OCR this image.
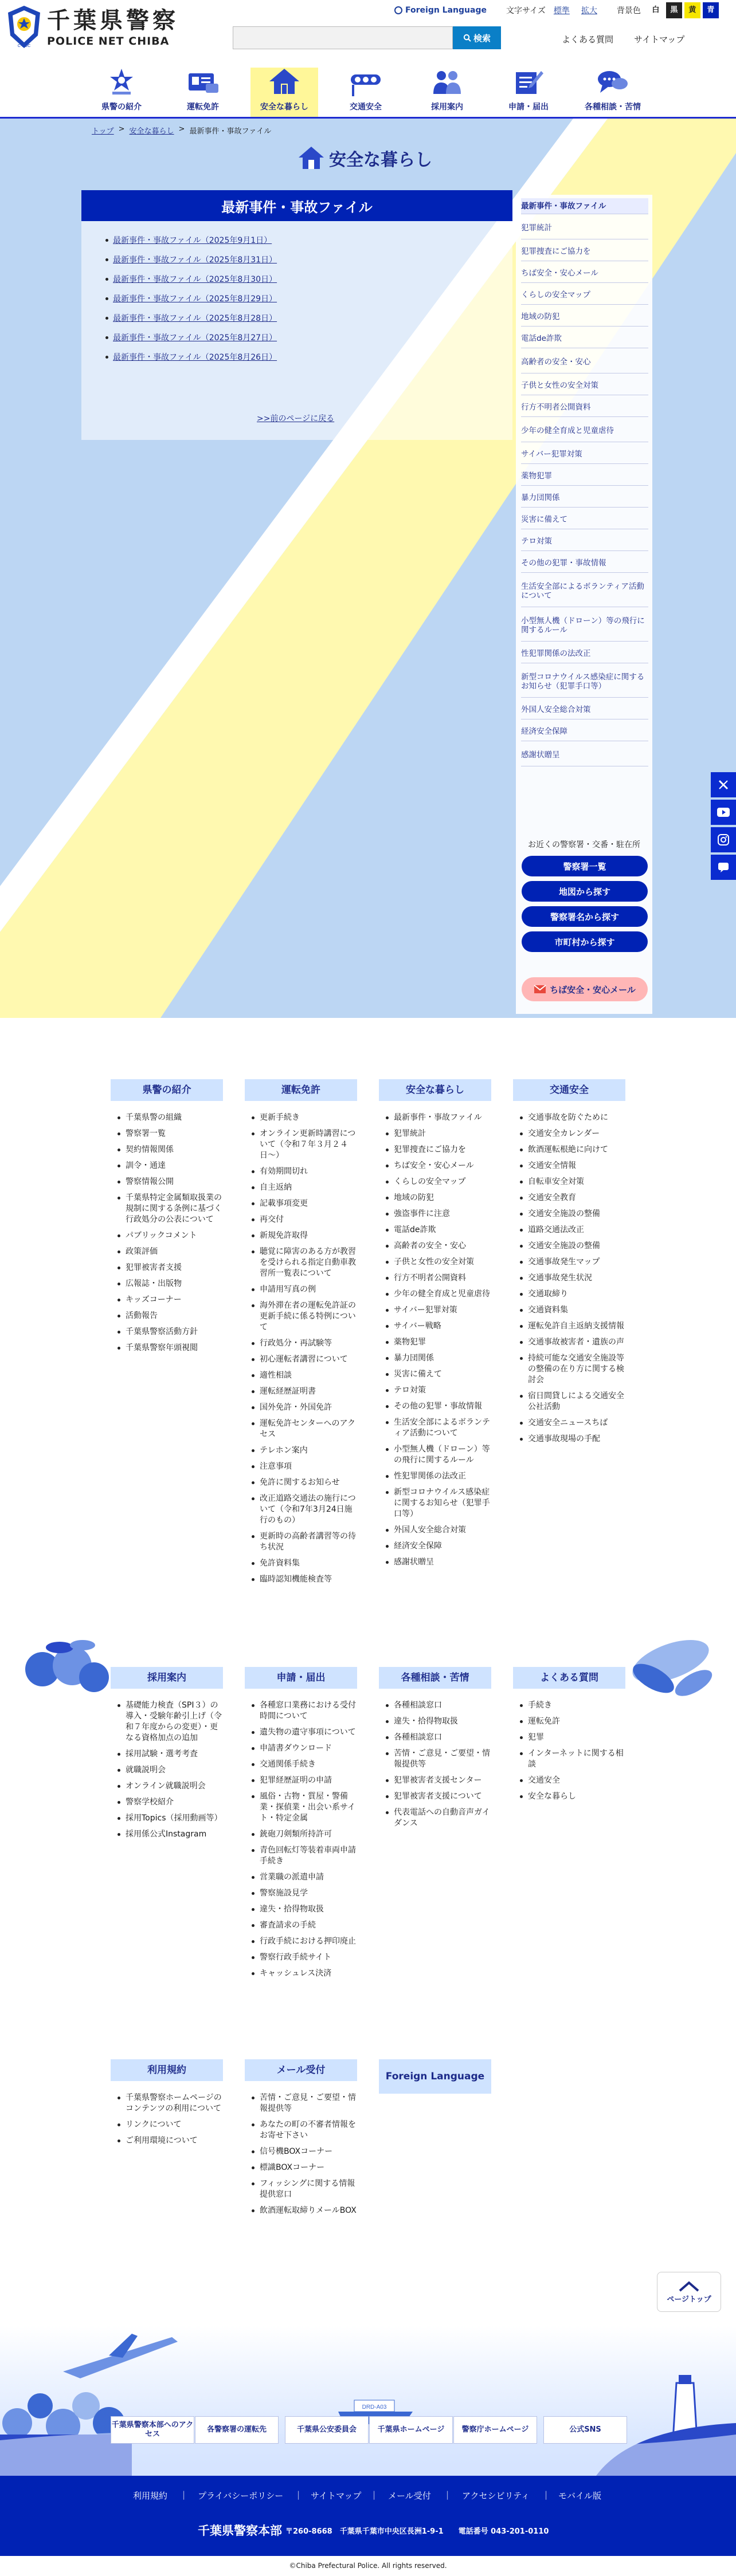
C-POC
千葉県警察
POLICE NET CHIBA
Foreign Language 文字サイズ 標準 拡大 背景色	白	黒	黄	青
検索	よくある質問 サイトマップ
県警の紹介	運転免許	安全な暮らし	交通安全	採用案内	申請・届出	各種相談・苦情
トップ > 安全な暮らし > 最新事件・事故ファイル
安全な暮らし
最新事件・事故ファイル
最新事件・事故ファイル（2025年9月1日）
最新事件・事故ファイル（2025年8月31日）
最新事件・事故ファイル（2025年8月30日）
最新事件・事故ファイル（2025年8月29日）
最新事件・事故ファイル（2025年8月28日）
最新事件・事故ファイル（2025年8月27日）
最新事件・事故ファイル（2025年8月26日）
>>前のページに戻る
最新事件・事故ファイル
犯罪統計
犯罪捜査にご協力を
ちば安全・安心メール
くらしの安全マップ
地域の防犯
電話de詐欺
高齢者の安全・安心
子供と女性の安全対策
行方不明者公開資料
少年の健全育成と児童虐待
サイバー犯罪対策
薬物犯罪
暴力団関係
災害に備えて
テロ対策
その他の犯罪・事故情報
生活安全部によるボランティア活動について
小型無人機（ドローン）等の飛行に関するルール
性犯罪関係の法改正
新型コロナウイルス感染症に関するお知らせ（犯罪手口等）
外国人安全総合対策
経済安全保障
感謝状贈呈
お近くの警察署・交番・駐在所
警察署一覧
地図から探す
警察署名から探す
市町村から探す
ちば安全・安心メール
県警の紹介
千葉県警の組織
警察署一覧
契約情報関係
訓令・通達
警察情報公開
千葉県特定金属類取扱業の規制に関する条例に基づく行政処分の公表について
パブリックコメント
政策評価
犯罪被害者支援
広報誌・出版物
キッズコーナー
活動報告
千葉県警察活動方針
千葉県警察年頭視閲
運転免許
更新手続き
オンライン更新時講習について（令和７年３月２４日〜）
有効期間切れ
自主返納
記載事項変更
再交付
新規免許取得
聴覚に障害のある方が教習を受けられる指定自動車教習所一覧表について
申請用写真の例
海外滞在者の運転免許証の更新手続に係る特例について
行政処分・再試験等
初心運転者講習について
適性相談
運転経歴証明書
国外免許・外国免許
運転免許センターへのアクセス
テレホン案内
注意事項
免許に関するお知らせ
改正道路交通法の施行について（令和7年3月24日施行のもの）
更新時の高齢者講習等の待ち状況
免許資料集
臨時認知機能検査等
安全な暮らし
最新事件・事故ファイル
犯罪統計
犯罪捜査にご協力を
ちば安全・安心メール
くらしの安全マップ
地域の防犯
強盗事件に注意
電話de詐欺
高齢者の安全・安心
子供と女性の安全対策
行方不明者公開資料
少年の健全育成と児童虐待
サイバー犯罪対策
サイバー戦略
薬物犯罪
暴力団関係
災害に備えて
テロ対策
その他の犯罪・事故情報
生活安全部によるボランティア活動について
小型無人機（ドローン）等の飛行に関するルール
性犯罪関係の法改正
新型コロナウイルス感染症に関するお知らせ（犯罪手口等）
外国人安全総合対策
経済安全保障
感謝状贈呈
交通安全
交通事故を防ぐために
交通安全カレンダー
飲酒運転根絶に向けて
交通安全情報
自転車安全対策
交通安全教育
交通安全施設の整備
道路交通法改正
交通安全施設の整備
交通事故発生マップ
交通事故発生状況
交通取締り
交通資料集
運転免許自主返納支援情報
交通事故被害者・遺族の声
持続可能な交通安全施設等の整備の在り方に関する検討会
宿日間貸しによる交通安全公社活動
交通安全ニュースちば
交通事故現場の手配
採用案内
基礎能力検査（SPI３）の導入・受験年齢引上げ（令和７年度からの変更）・更なる資格加点の追加
採用試験・選考考査
就職説明会
オンライン就職説明会
警察学校紹介
採用Topics（採用動画等）
採用係公式Instagram
申請・届出
各種窓口業務における受付時間について
遺失物の遺守事項について
申請書ダウンロード
交通関係手続き
犯罪経歴証明の申請
風俗・古物・質屋・警備業・探偵業・出会い系サイト・特定金属
銃砲刀剣類所持許可
青色回転灯等装着車両申請手続き
営業職の派遣申請
警察施設見学
違失・拾得物取扱
審査請求の手続
行政手続における押印廃止
警察行政手続サイト
キャッシュレス決済
各種相談・苦情
各種相談窓口
違失・拾得物取扱
各種相談窓口
苦情・ご意見・ご要望・情報提供等
犯罪被害者支援センター
犯罪被害者支援について
代表電話への自動音声ガイダンス
よくある質問
手続き
運転免許
犯罪
インターネットに関する相談
交通安全
安全な暮らし
利用規約
千葉県警察ホームページのコンテンツの利用について
リンクについて
ご利用環境について
メール受付
苦情・ご意見・ご要望・情報提供等
あなたの町の不審者情報をお寄せ下さい
信号機BOXコーナー
標識BOXコーナー
フィッシングに関する情報提供窓口
飲酒運転取締りメールBOX
Foreign Language
ページトップ
DRD-A03
千葉県警察本部へのアクセス
各警察署の運転先	千葉県公安委員会	千葉県ホームページ	警察庁ホームページ	公式SNS
利用規約 | プライバシーポリシー | サイトマップ | メール受付 | アクセシビリティ | モバイル版
千葉県警察本部 〒260-8668　千葉県千葉市中央区長洲1-9-1　　電話番号 043-201-0110
©Chiba Prefectural Police. All rights reserved.
